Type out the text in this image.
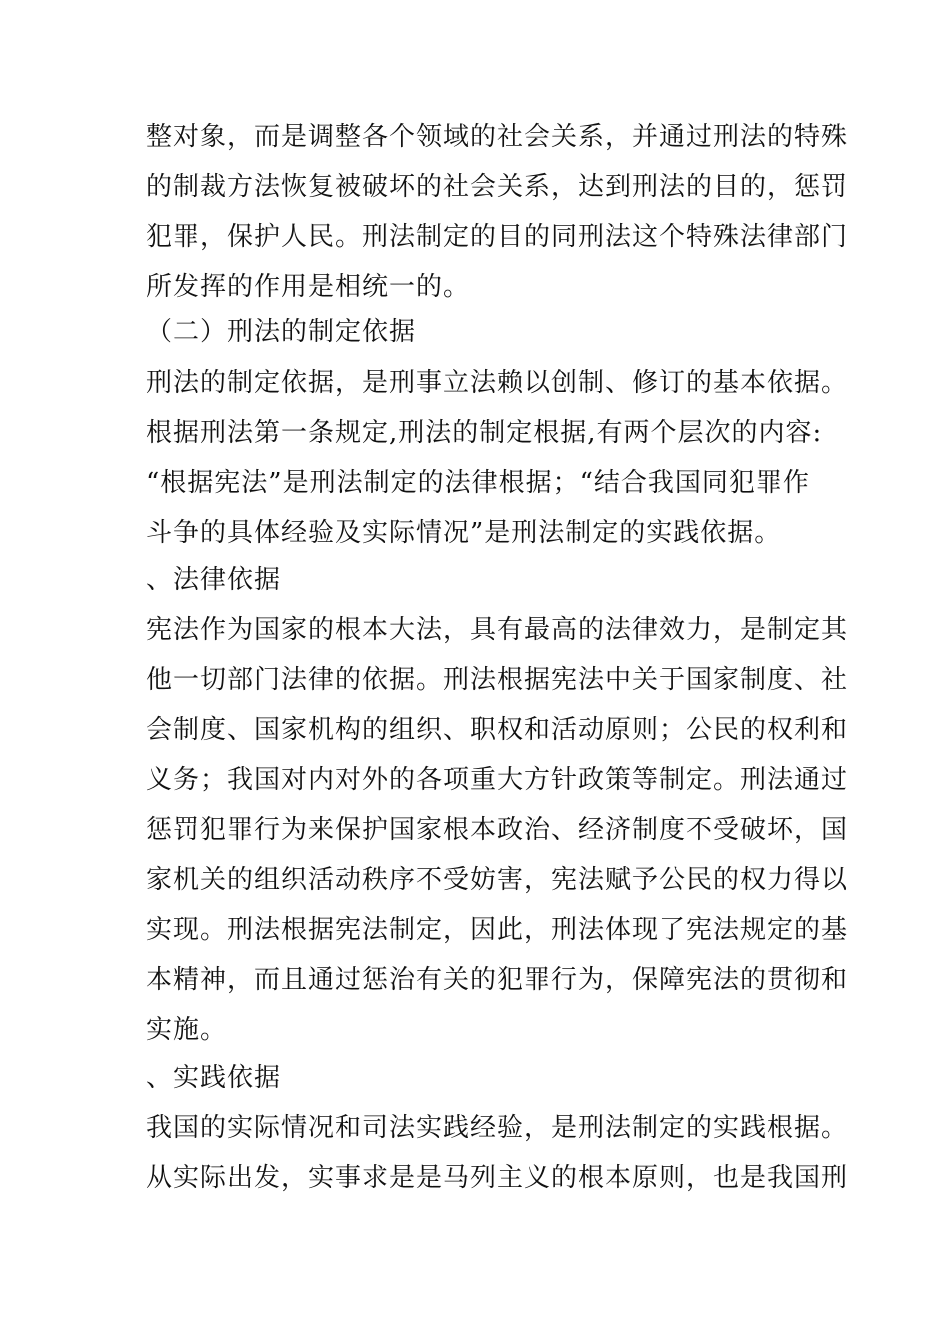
整对象，而是调整各个领域的社会关系，并通过刑法的特殊
的制裁方法恢复被破坏的社会关系，达到刑法的目的，惩罚
犯罪，保护人民。刑法制定的目的同刑法这个特殊法律部门
所发挥的作用是相统一的。
（二）刑法的制定依据
刑法的制定依据，是刑事立法赖以创制、修订的基本依据。
根据刑法第一条规定,刑法的制定根据,有两个层次的内容:
“根据宪法”是刑法制定的法律根据；“结合我国同犯罪作
斗争的具体经验及实际情况”是刑法制定的实践依据。
、法律依据
宪法作为国家的根本大法，具有最高的法律效力，是制定其
他一切部门法律的依据。刑法根据宪法中关于国家制度、社
会制度、国家机构的组织、职权和活动原则；公民的权利和
义务；我国对内对外的各项重大方针政策等制定。刑法通过
惩罚犯罪行为来保护国家根本政治、经济制度不受破坏，国
家机关的组织活动秩序不受妨害，宪法赋予公民的权力得以
实现。刑法根据宪法制定，因此，刑法体现了宪法规定的基
本精神，而且通过惩治有关的犯罪行为，保障宪法的贯彻和
实施。
、实践依据
我国的实际情况和司法实践经验，是刑法制定的实践根据。
从实际出发，实事求是是马列主义的根本原则，也是我国刑
